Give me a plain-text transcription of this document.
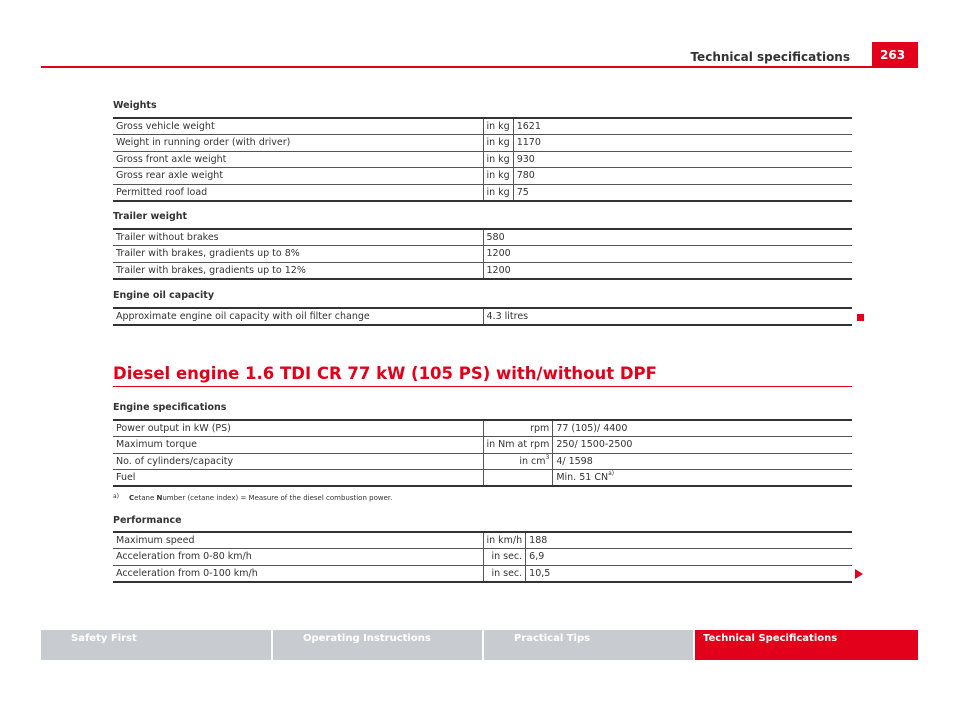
Technical specifications	263
Weights
Gross vehicle weight	in kg	1621
Weight in running order (with driver)	in kg	1170
Gross front axle weight	in kg	930
Gross rear axle weight	in kg	780
Permitted roof load	in kg	75
Trailer weight
Trailer without brakes	580
Trailer with brakes, gradients up to 8%	1200
Trailer with brakes, gradients up to 12%	1200
Engine oil capacity
Approximate engine oil capacity with oil filter change	4.3 litres
Diesel engine 1.6 TDI CR 77 kW (105 PS) with/without DPF
Engine specifications
Power output in kW (PS)	rpm	77 (105)/ 4400
Maximum torque	in Nm at rpm	250/ 1500-2500
No. of cylinders/capacity	in $cm^3$	4/ 1598
Fuel		Min. 51 CN$^{a)}$
a) Cetane Number (cetane index) = Measure of the diesel combustion power.
Performance
Maximum speed	in km/h	188
Acceleration from 0-80 km/h	in sec.	6,9
Acceleration from 0-100 km/h	in sec.	10,5
Safety First	Operating Instructions	Practical Tips	Technical Specifications
